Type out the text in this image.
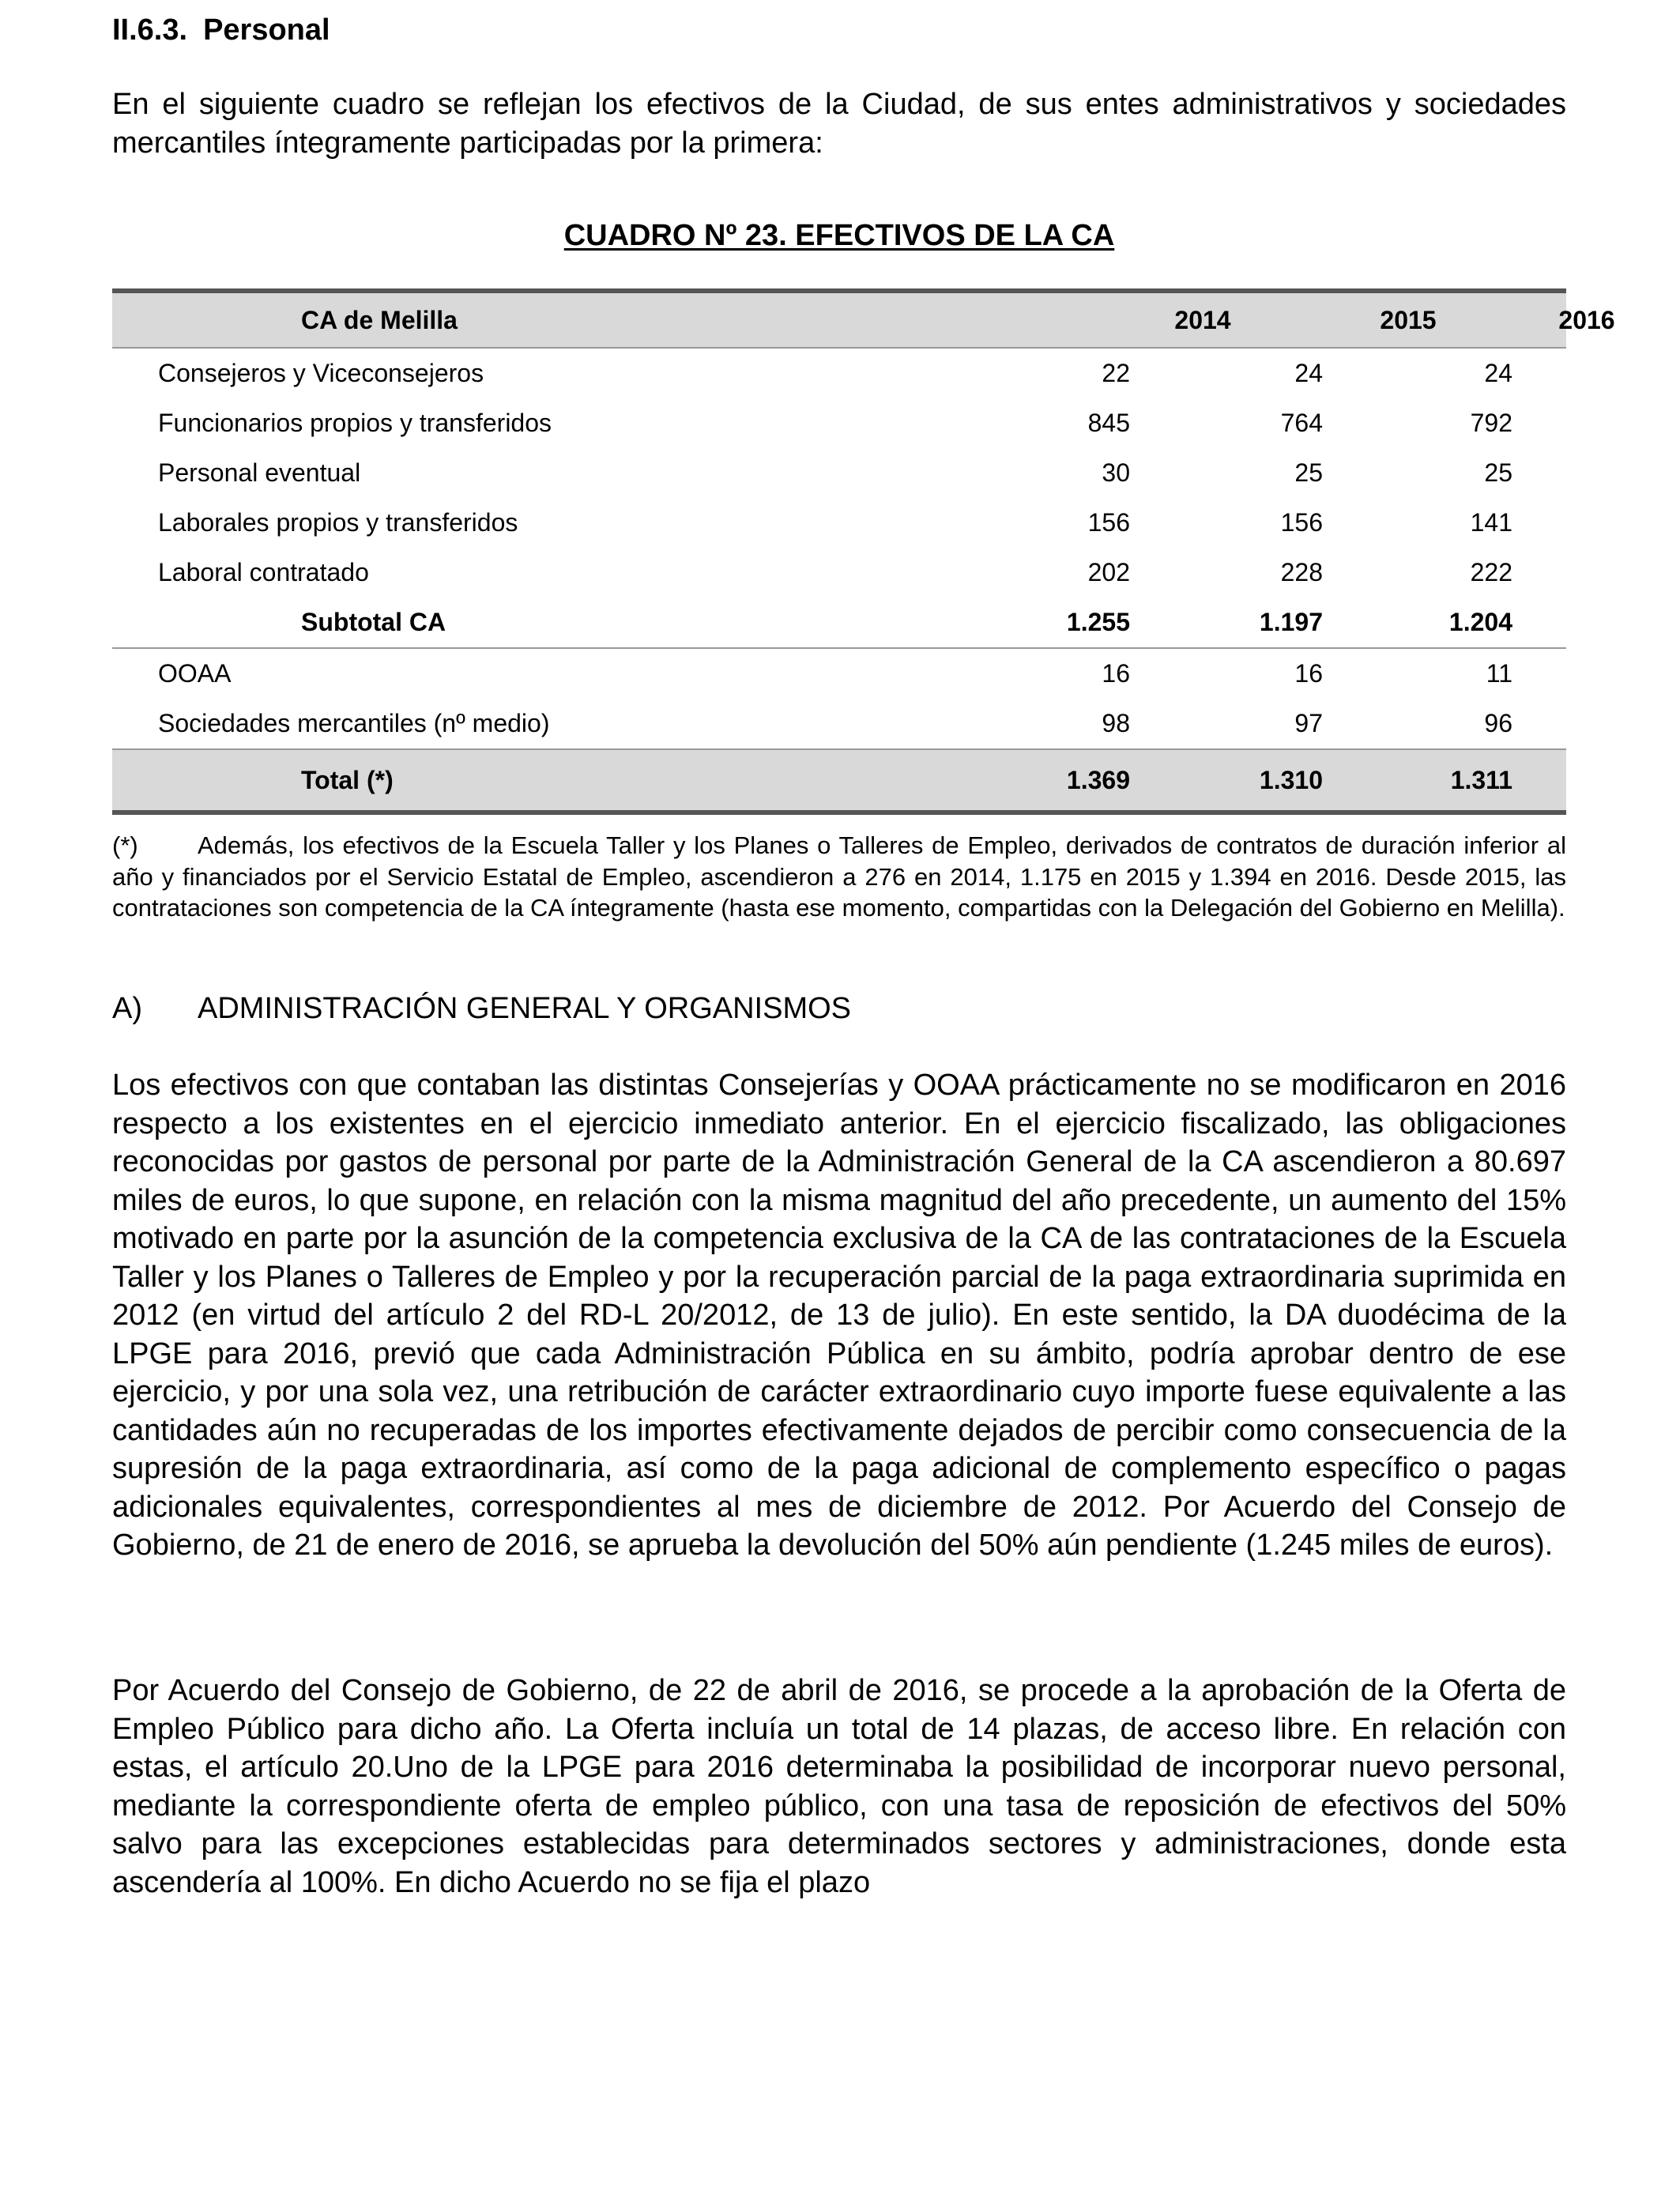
II.6.3. Personal
En el siguiente cuadro se reflejan los efectivos de la Ciudad, de sus entes administrativos y sociedades mercantiles íntegramente participadas por la primera:
CUADRO Nº 23. EFECTIVOS DE LA CA
CA de Melilla	2014	2015	2016
Consejeros y Viceconsejeros	22	24	24
Funcionarios propios y transferidos	845	764	792
Personal eventual	30	25	25
Laborales propios y transferidos	156	156	141
Laboral contratado	202	228	222
Subtotal CA	1.255	1.197	1.204
OOAA	16	16	11
Sociedades mercantiles (nº medio)	98	97	96
Total (*)	1.369	1.310	1.311
(*) Además, los efectivos de la Escuela Taller y los Planes o Talleres de Empleo, derivados de contratos de duración inferior al año y financiados por el Servicio Estatal de Empleo, ascendieron a 276 en 2014, 1.175 en 2015 y 1.394 en 2016. Desde 2015, las contrataciones son competencia de la CA íntegramente (hasta ese momento, compartidas con la Delegación del Gobierno en Melilla).
A) ADMINISTRACIÓN GENERAL Y ORGANISMOS
Los efectivos con que contaban las distintas Consejerías y OOAA prácticamente no se modificaron en 2016 respecto a los existentes en el ejercicio inmediato anterior. En el ejercicio fiscalizado, las obligaciones reconocidas por gastos de personal por parte de la Administración General de la CA ascendieron a 80.697 miles de euros, lo que supone, en relación con la misma magnitud del año precedente, un aumento del 15% motivado en parte por la asunción de la competencia exclusiva de la CA de las contrataciones de la Escuela Taller y los Planes o Talleres de Empleo y por la recuperación parcial de la paga extraordinaria suprimida en 2012 (en virtud del artículo 2 del RD-L 20/2012, de 13 de julio). En este sentido, la DA duodécima de la LPGE para 2016, previó que cada Administración Pública en su ámbito, podría aprobar dentro de ese ejercicio, y por una sola vez, una retribución de carácter extraordinario cuyo importe fuese equivalente a las cantidades aún no recuperadas de los importes efectivamente dejados de percibir como consecuencia de la supresión de la paga extraordinaria, así como de la paga adicional de complemento específico o pagas adicionales equivalentes, correspondientes al mes de diciembre de 2012. Por Acuerdo del Consejo de Gobierno, de 21 de enero de 2016, se aprueba la devolución del 50% aún pendiente (1.245 miles de euros).
Por Acuerdo del Consejo de Gobierno, de 22 de abril de 2016, se procede a la aprobación de la Oferta de Empleo Público para dicho año. La Oferta incluía un total de 14 plazas, de acceso libre. En relación con estas, el artículo 20.Uno de la LPGE para 2016 determinaba la posibilidad de incorporar nuevo personal, mediante la correspondiente oferta de empleo público, con una tasa de reposición de efectivos del 50% salvo para las excepciones establecidas para determinados sectores y administraciones, donde esta ascendería al 100%. En dicho Acuerdo no se fija el plazo
